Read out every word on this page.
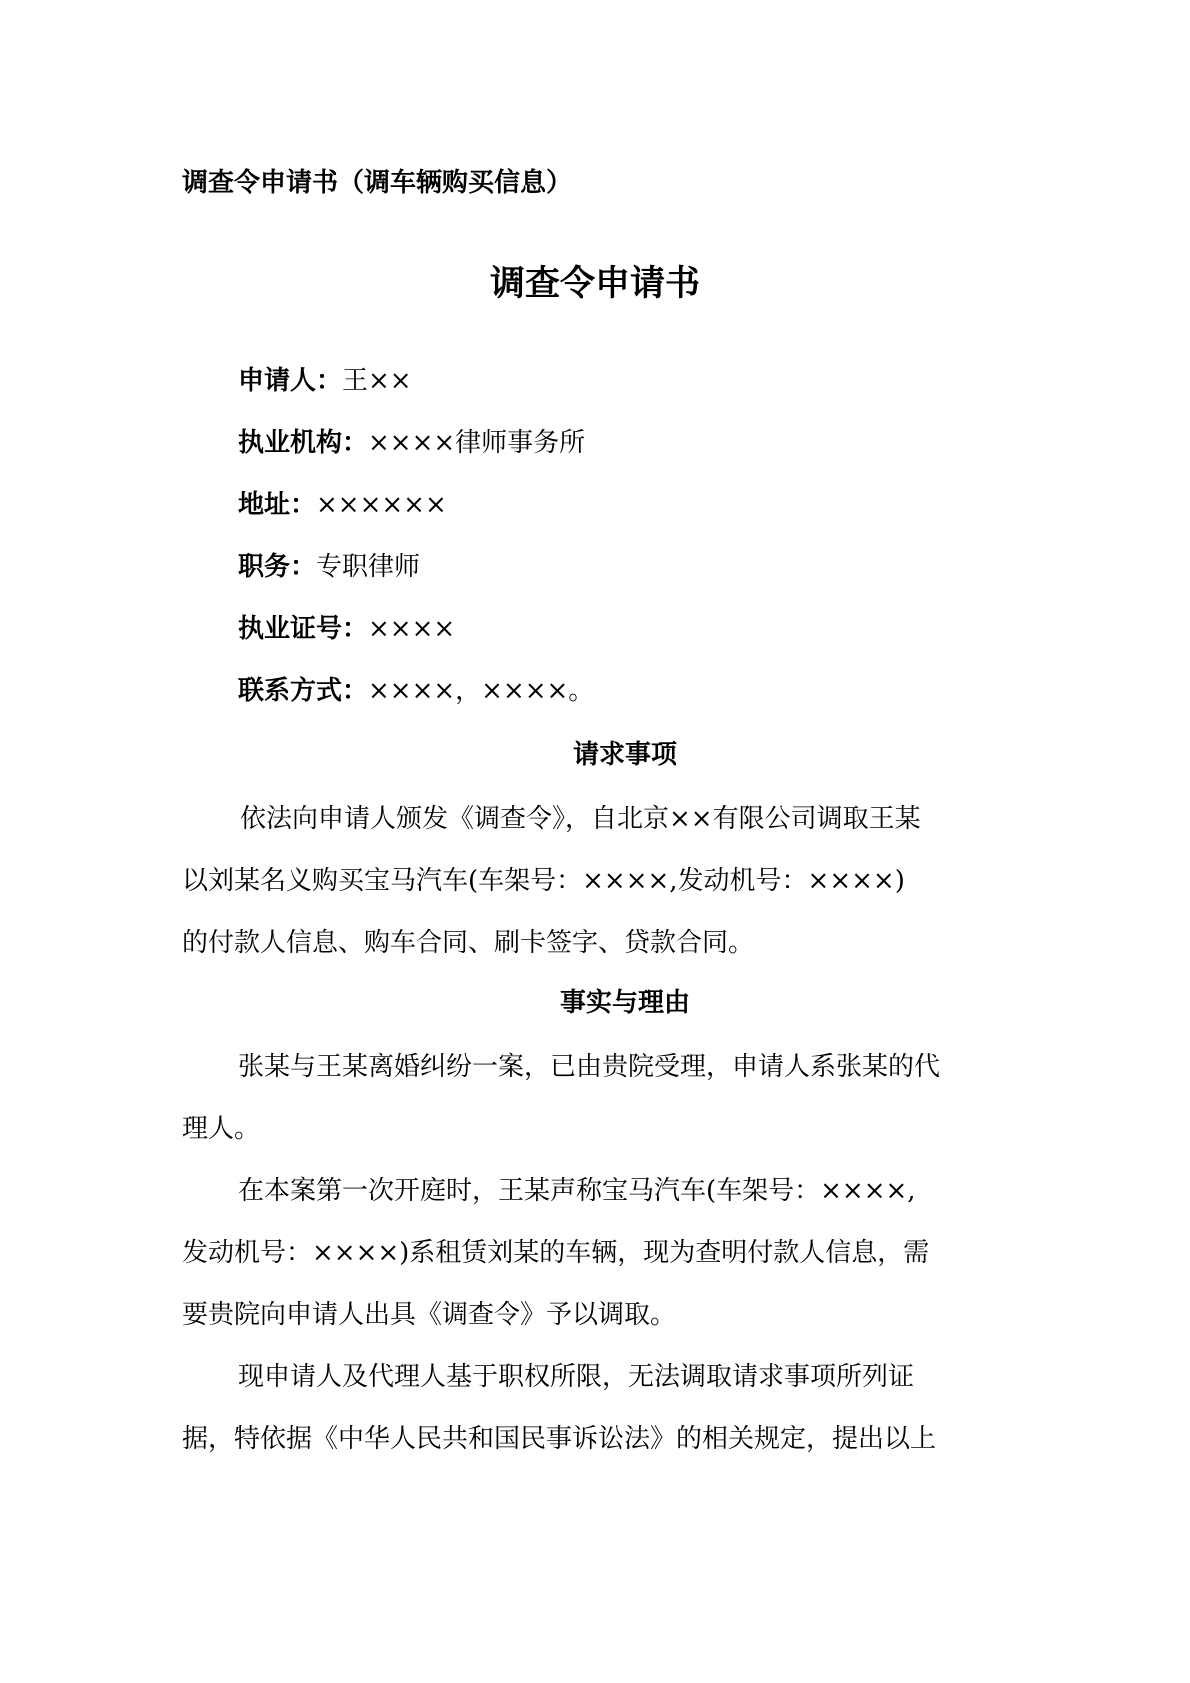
调查令申请书（调车辆购买信息）
调查令申请书
申请人：王××
执业机构：××××律师事务所
地址：××××××
职务：专职律师
执业证号：××××
联系方式：××××，××××。
请求事项
依法向申请人颁发《调查令》，自北京××有限公司调取王某
以刘某名义购买宝马汽车(车架号：××××,发动机号：××××)
的付款人信息、购车合同、刷卡签字、贷款合同。
事实与理由
张某与王某离婚纠纷一案，已由贵院受理，申请人系张某的代
理人。
在本案第一次开庭时，王某声称宝马汽车(车架号：××××,
发动机号：××××)系租赁刘某的车辆，现为查明付款人信息，需
要贵院向申请人出具《调查令》予以调取。
现申请人及代理人基于职权所限，无法调取请求事项所列证
据，特依据《中华人民共和国民事诉讼法》的相关规定，提出以上
